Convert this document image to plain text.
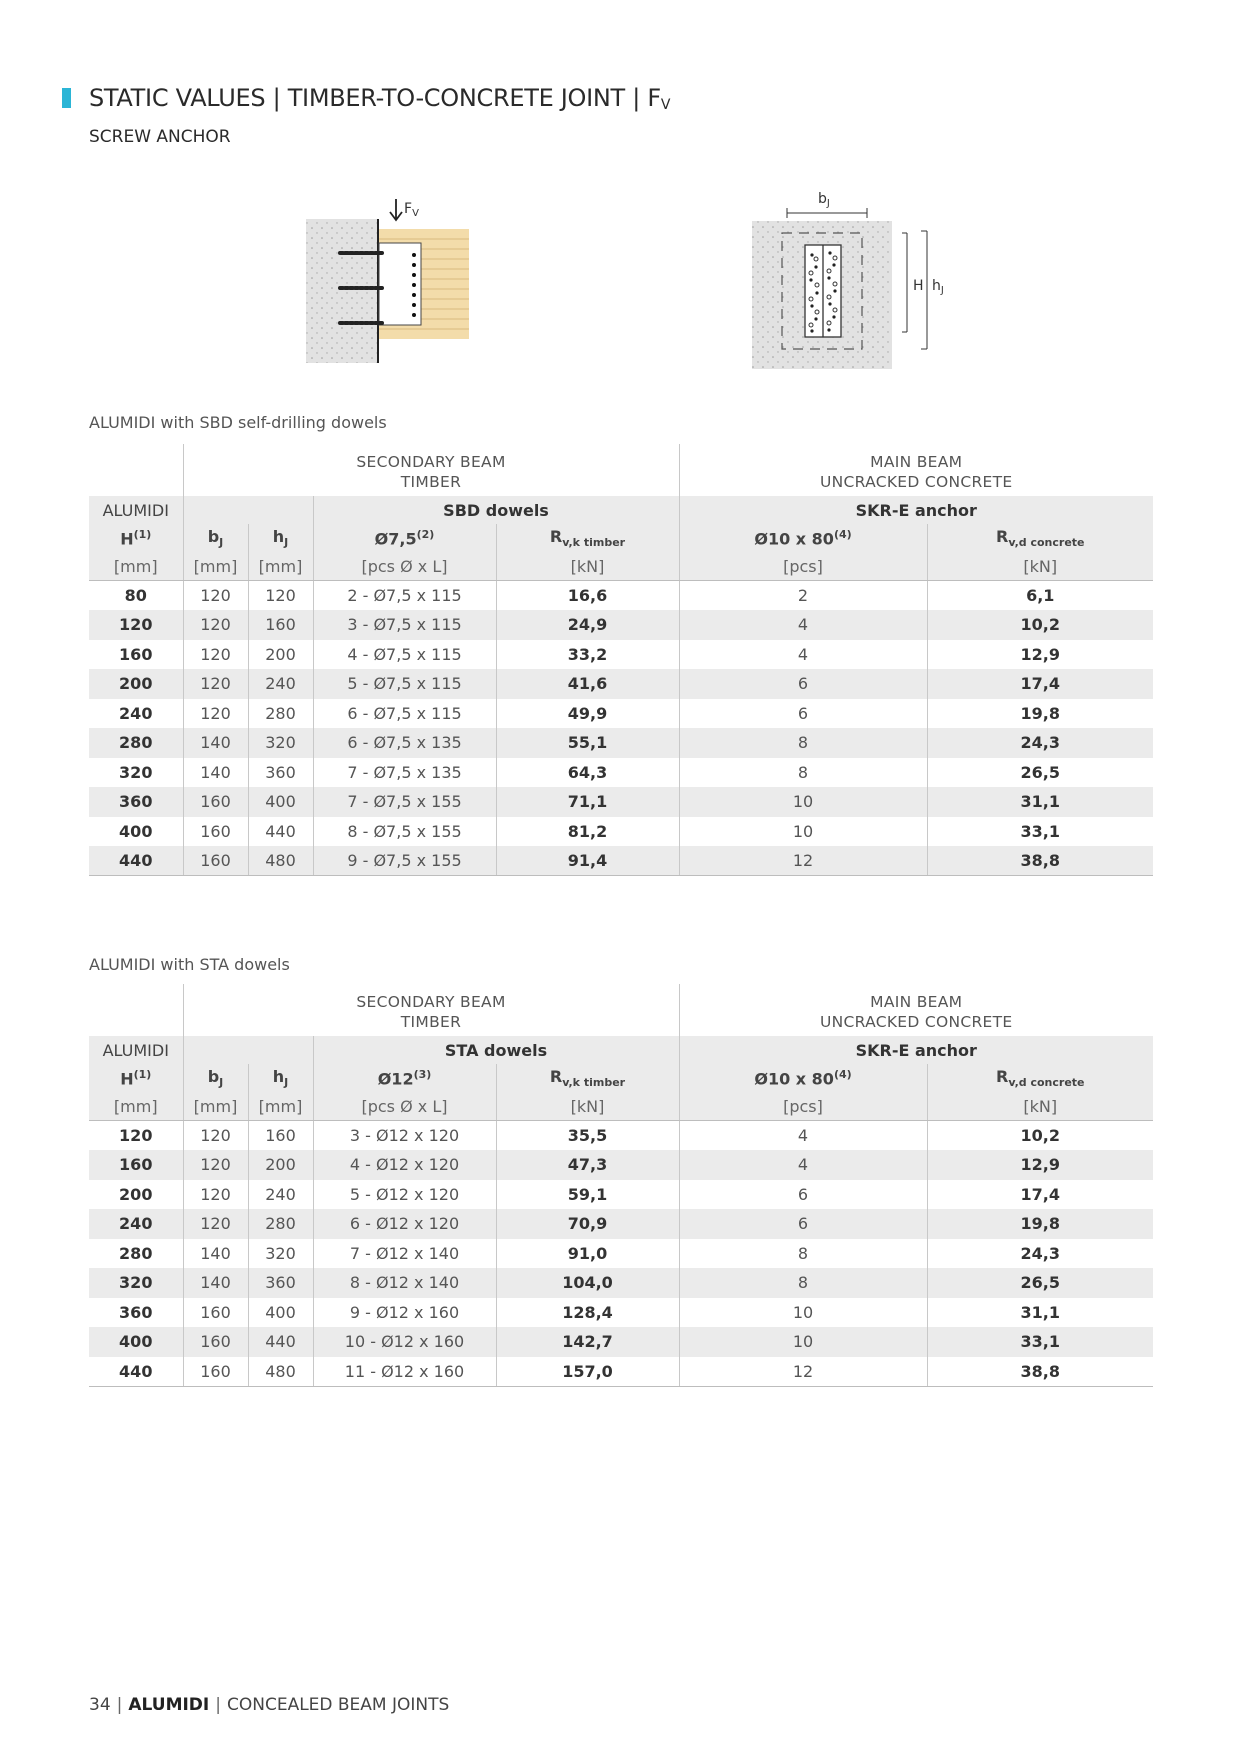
STATIC VALUES | TIMBER-TO-CONCRETE JOINT | $F_V$
SCREW ANCHOR
$F_V$
$b_J$
H $h_J$
ALUMIDI with SBD self-drilling dowels
	SECONDARY BEAM
TIMBER				MAIN BEAM
UNCRACKED CONCRETE	
ALUMIDI			SBD dowels		SKR-E anchor	
$H^{(1)}$	$b_J$	$h_J$	Ø7,5$^{(2)}$	$R_{v,k timber}$	Ø10 x 80$^{(4)}$	$R_{v,d concrete}$
[mm]	[mm]	[mm]	[pcs Ø x L]	[kN]	[pcs]	[kN]
80	120	120	2 - Ø7,5 x 115	16,6	2	6,1
120	120	160	3 - Ø7,5 x 115	24,9	4	10,2
160	120	200	4 - Ø7,5 x 115	33,2	4	12,9
200	120	240	5 - Ø7,5 x 115	41,6	6	17,4
240	120	280	6 - Ø7,5 x 115	49,9	6	19,8
280	140	320	6 - Ø7,5 x 135	55,1	8	24,3
320	140	360	7 - Ø7,5 x 135	64,3	8	26,5
360	160	400	7 - Ø7,5 x 155	71,1	10	31,1
400	160	440	8 - Ø7,5 x 155	81,2	10	33,1
440	160	480	9 - Ø7,5 x 155	91,4	12	38,8
ALUMIDI with STA dowels
	SECONDARY BEAM
TIMBER				MAIN BEAM
UNCRACKED CONCRETE	
ALUMIDI			STA dowels		SKR-E anchor	
$H^{(1)}$	$b_J$	$h_J$	Ø12$^{(3)}$	$R_{v,k timber}$	Ø10 x 80$^{(4)}$	$R_{v,d concrete}$
[mm]	[mm]	[mm]	[pcs Ø x L]	[kN]	[pcs]	[kN]
120	120	160	3 - Ø12 x 120	35,5	4	10,2
160	120	200	4 - Ø12 x 120	47,3	4	12,9
200	120	240	5 - Ø12 x 120	59,1	6	17,4
240	120	280	6 - Ø12 x 120	70,9	6	19,8
280	140	320	7 - Ø12 x 140	91,0	8	24,3
320	140	360	8 - Ø12 x 140	104,0	8	26,5
360	160	400	9 - Ø12 x 160	128,4	10	31,1
400	160	440	10 - Ø12 x 160	142,7	10	33,1
440	160	480	11 - Ø12 x 160	157,0	12	38,8
34 | ALUMIDI | CONCEALED BEAM JOINTS
